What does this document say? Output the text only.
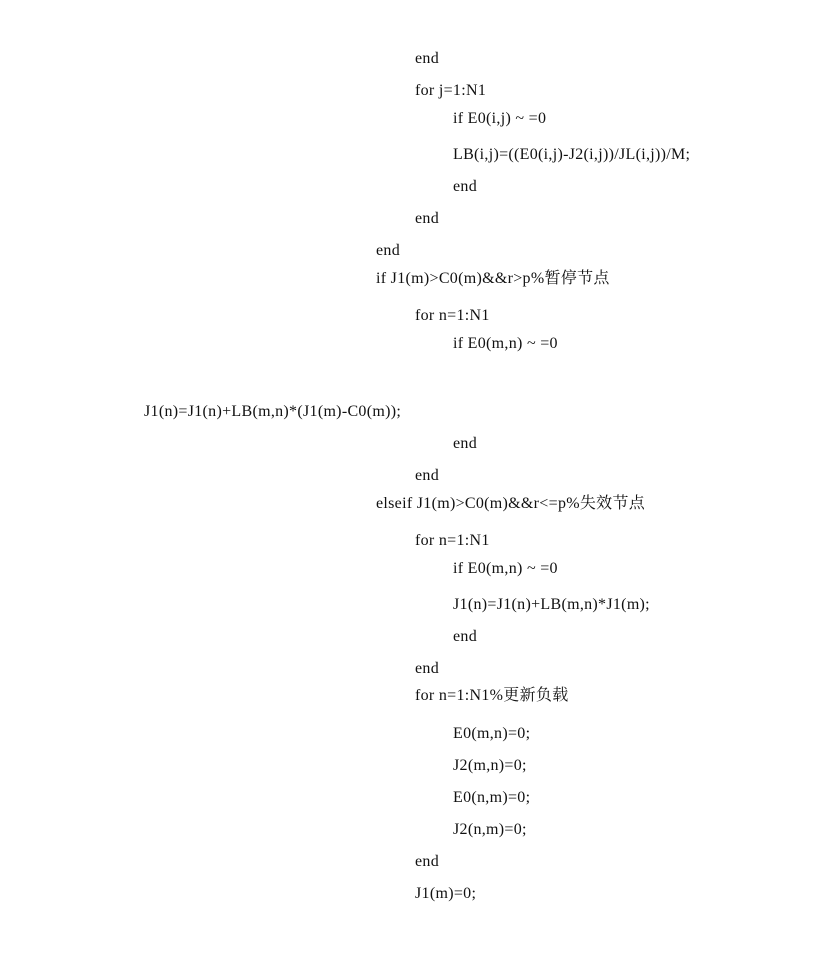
end
for j=1:N1
if E0(i,j) ~ =0
LB(i,j)=((E0(i,j)-J2(i,j))/JL(i,j))/M;
end
end
end
if J1(m)>C0(m)&&r>p%暂停节点
for n=1:N1
if E0(m,n) ~ =0
J1(n)=J1(n)+LB(m,n)*(J1(m)-C0(m));
end
end
elseif J1(m)>C0(m)&&r<=p%失效节点
for n=1:N1
if E0(m,n) ~ =0
J1(n)=J1(n)+LB(m,n)*J1(m);
end
end
for n=1:N1%更新负载
E0(m,n)=0;
J2(m,n)=0;
E0(n,m)=0;
J2(n,m)=0;
end
J1(m)=0;
